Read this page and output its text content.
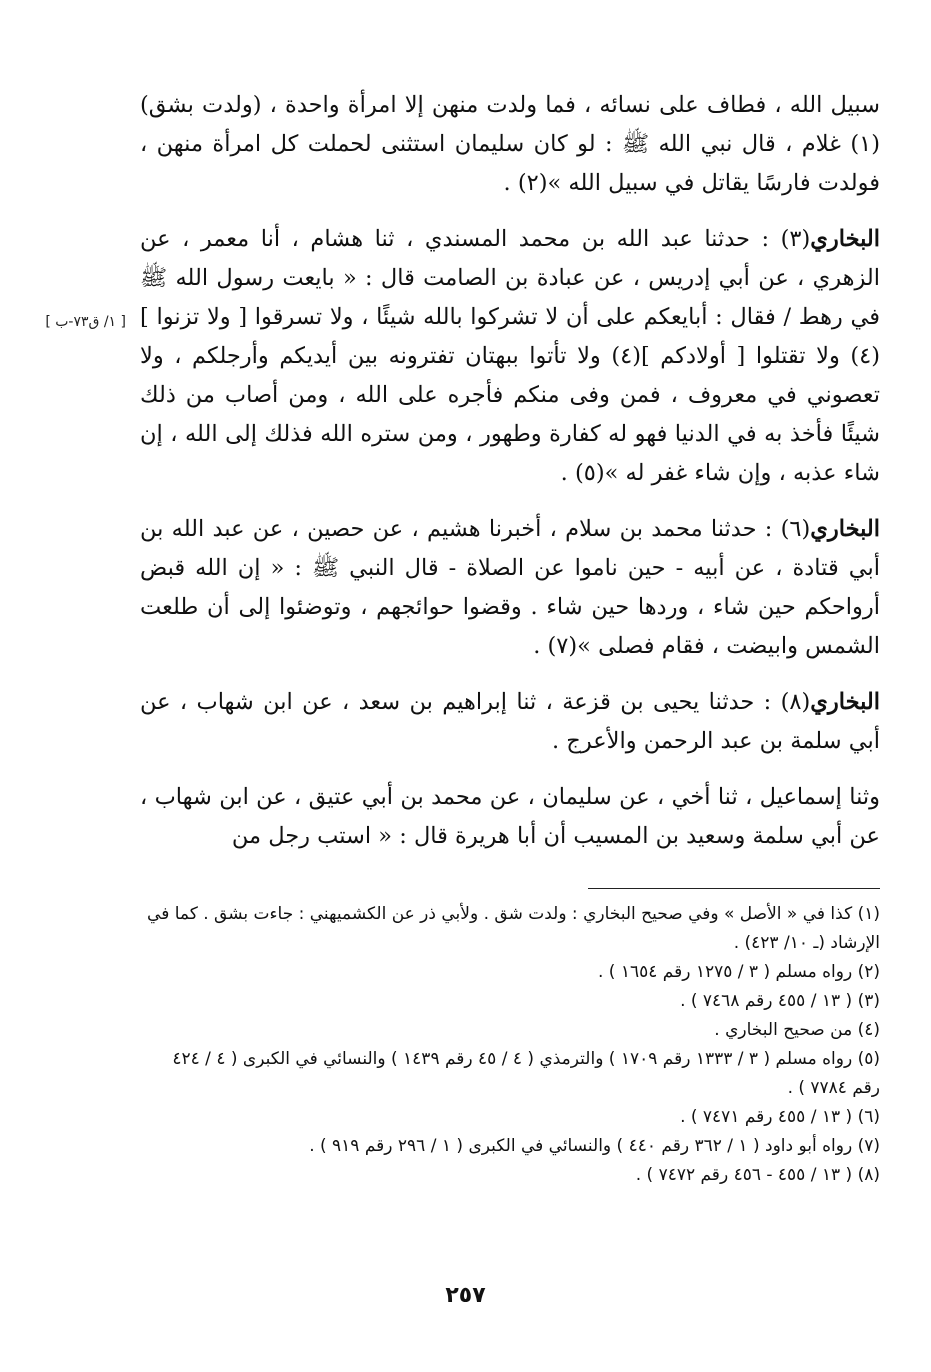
[ ١/ ق٧٣-ب ]

سبيل الله ، فطاف على نسائه ، فما ولدت منهن إلا امرأة واحدة ، (ولدت بشق)(١) غلام ، قال نبي الله ﷺ : لو كان سليمان استثنى لحملت كل امرأة منهن ، فولدت فارسًا يقاتل في سبيل الله »(٢) .

البخاري(٣) : حدثنا عبد الله بن محمد المسندي ، ثنا هشام ، أنا معمر ، عن الزهري ، عن أبي إدريس ، عن عبادة بن الصامت قال : « بايعت رسول الله ﷺ في رهط / فقال : أبايعكم على أن لا تشركوا بالله شيئًا ، ولا تسرقوا [ ولا تزنوا ](٤) ولا تقتلوا [ أولادكم ](٤) ولا تأتوا ببهتان تفترونه بين أيديكم وأرجلكم ، ولا تعصوني في معروف ، فمن وفى منكم فأجره على الله ، ومن أصاب من ذلك شيئًا فأخذ به في الدنيا فهو له كفارة وطهور ، ومن ستره الله فذلك إلى الله ، إن شاء عذبه ، وإن شاء غفر له »(٥) .

البخاري(٦) : حدثنا محمد بن سلام ، أخبرنا هشيم ، عن حصين ، عن عبد الله بن أبي قتادة ، عن أبيه - حين ناموا عن الصلاة - قال النبي ﷺ : « إن الله قبض أرواحكم حين شاء ، وردها حين شاء . وقضوا حوائجهم ، وتوضئوا إلى أن طلعت الشمس وابيضت ، فقام فصلى »(٧) .

البخاري(٨) : حدثنا يحيى بن قزعة ، ثنا إبراهيم بن سعد ، عن ابن شهاب ، عن أبي سلمة بن عبد الرحمن والأعرج .

وثنا إسماعيل ، ثنا أخي ، عن سليمان ، عن محمد بن أبي عتيق ، عن ابن شهاب ، عن أبي سلمة وسعيد بن المسيب أن أبا هريرة قال : « استب رجل من

(١) كذا في « الأصل » وفي صحيح البخاري : ولدت شق . ولأبي ذر عن الكشميهني : جاءت بشق . كما في الإرشاد (ـ ١٠/ ٤٢٣) .

(٢) رواه مسلم ( ٣ / ١٢٧٥ رقم ١٦٥٤ ) .

(٣) ( ١٣ / ٤٥٥ رقم ٧٤٦٨ ) .

(٤) من صحيح البخاري .

(٥) رواه مسلم ( ٣ / ١٣٣٣ رقم ١٧٠٩ ) والترمذي ( ٤ / ٤٥ رقم ١٤٣٩ ) والنسائي في الكبرى ( ٤ / ٤٢٤ رقم ٧٧٨٤ ) .

(٦) ( ١٣ / ٤٥٥ رقم ٧٤٧١ ) .

(٧) رواه أبو داود ( ١ / ٣٦٢ رقم ٤٤٠ ) والنسائي في الكبرى ( ١ / ٢٩٦ رقم ٩١٩ ) .

(٨) ( ١٣ / ٤٥٥ - ٤٥٦ رقم ٧٤٧٢ ) .

٢٥٧
